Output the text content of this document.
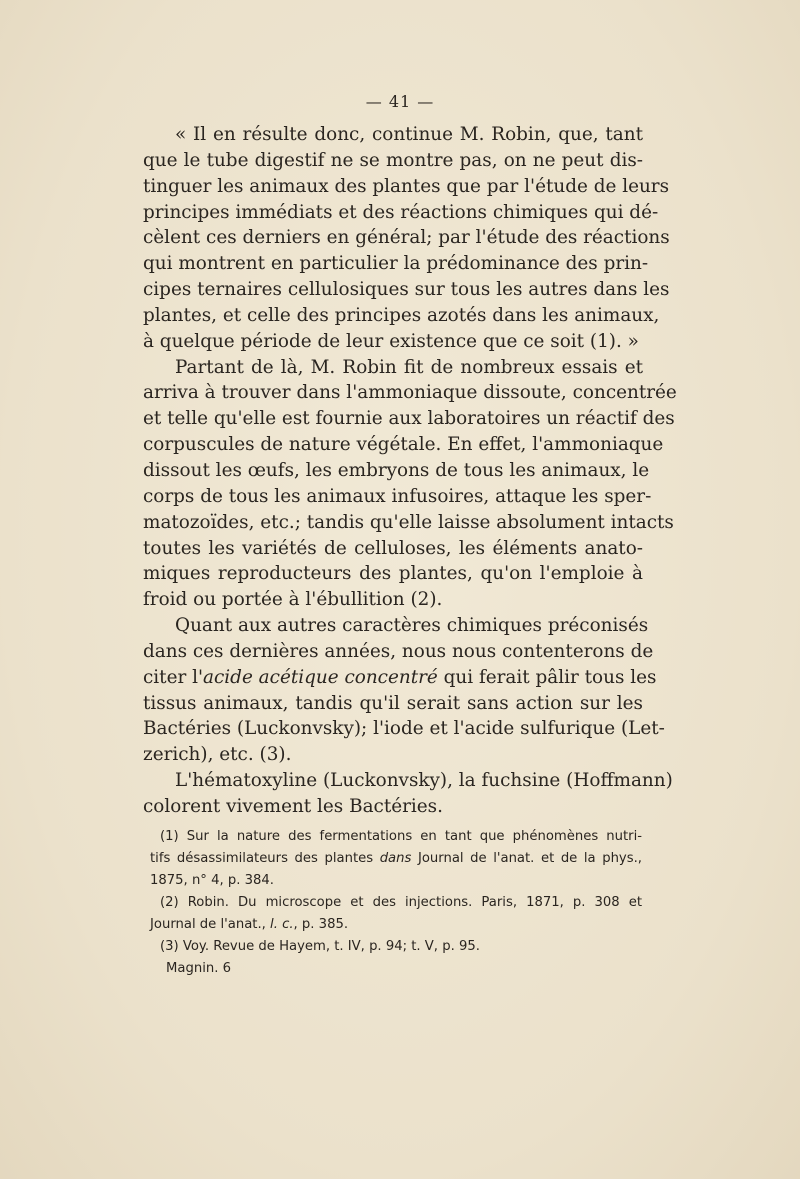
— 41 —
« Il en résulte donc, continue M. Robin, que, tant
que le tube digestif ne se montre pas, on ne peut dis-
tinguer les animaux des plantes que par l'étude de leurs
principes immédiats et des réactions chimiques qui dé-
cèlent ces derniers en général; par l'étude des réactions
qui montrent en particulier la prédominance des prin-
cipes ternaires cellulosiques sur tous les autres dans les
plantes, et celle des principes azotés dans les animaux,
à quelque période de leur existence que ce soit (1). »
Partant de là, M. Robin fit de nombreux essais et
arriva à trouver dans l'ammoniaque dissoute, concentrée
et telle qu'elle est fournie aux laboratoires un réactif des
corpuscules de nature végétale. En effet, l'ammoniaque
dissout les œufs, les embryons de tous les animaux, le
corps de tous les animaux infusoires, attaque les sper-
matozoïdes, etc.; tandis qu'elle laisse absolument intacts
toutes les variétés de celluloses, les éléments anato-
miques reproducteurs des plantes, qu'on l'emploie à
froid ou portée à l'ébullition (2).
Quant aux autres caractères chimiques préconisés
dans ces dernières années, nous nous contenterons de
citer l'acide acétique concentré qui ferait pâlir tous les
tissus animaux, tandis qu'il serait sans action sur les
Bactéries (Luckonvsky); l'iode et l'acide sulfurique (Let-
zerich), etc. (3).
L'hématoxyline (Luckonvsky), la fuchsine (Hoffmann)
colorent vivement les Bactéries.
(1) Sur la nature des fermentations en tant que phénomènes nutri-
tifs désassimilateurs des plantes dans Journal de l'anat. et de la phys.,
1875, n° 4, p. 384.
(2) Robin. Du microscope et des injections. Paris, 1871, p. 308 et
Journal de l'anat., l. c., p. 385.
(3) Voy. Revue de Hayem, t. IV, p. 94; t. V, p. 95.
Magnin. 6
